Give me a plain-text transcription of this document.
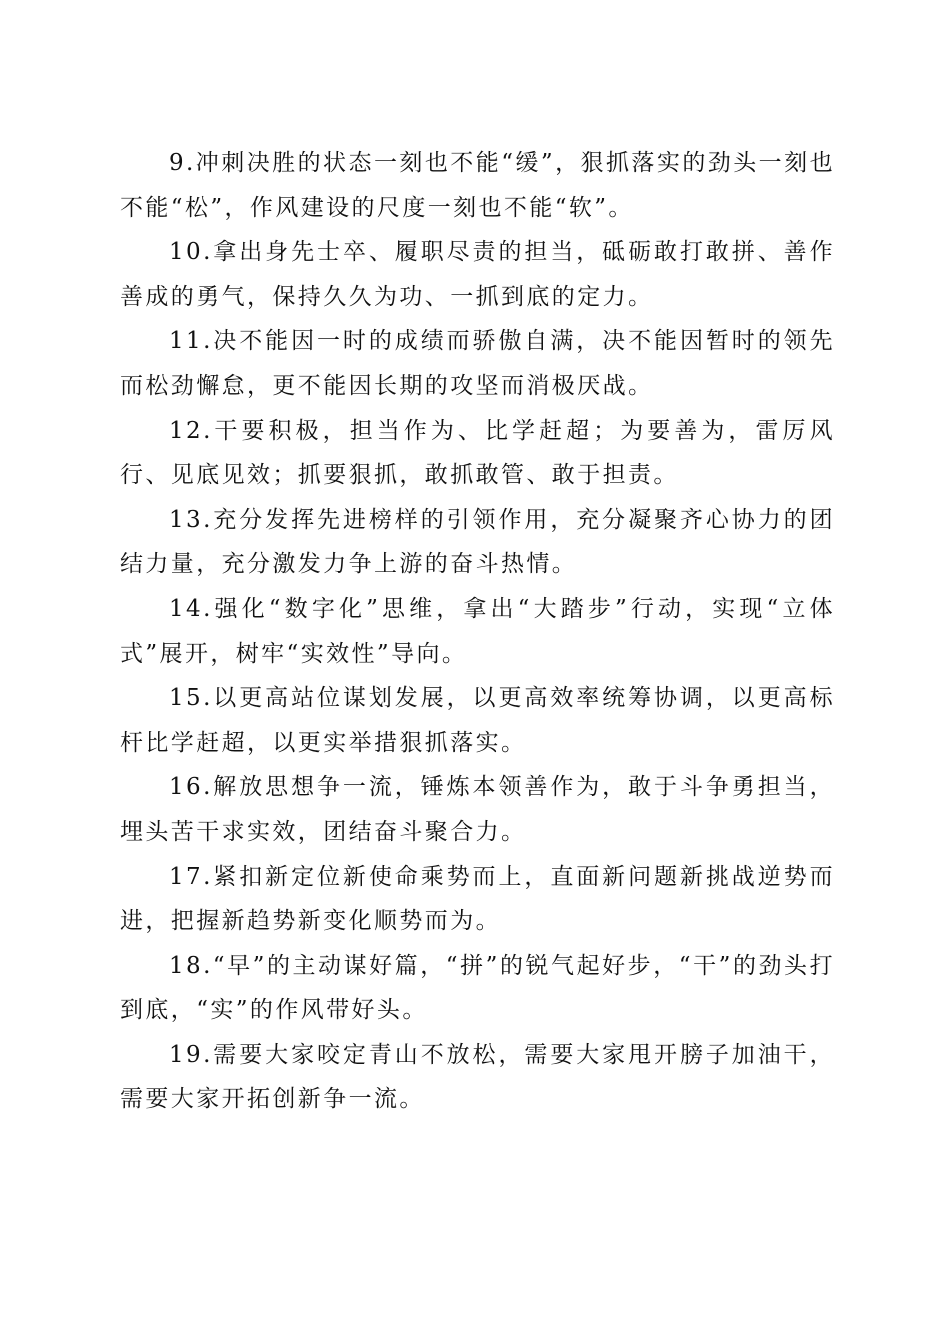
9.冲刺决胜的状态一刻也不能“缓”，狠抓落实的劲头一刻也不能“松”，作风建设的尺度一刻也不能“软”。

10.拿出身先士卒、履职尽责的担当，砥砺敢打敢拼、善作善成的勇气，保持久久为功、一抓到底的定力。

11.决不能因一时的成绩而骄傲自满，决不能因暂时的领先而松劲懈怠，更不能因长期的攻坚而消极厌战。

12.干要积极，担当作为、比学赶超；为要善为，雷厉风行、见底见效；抓要狠抓，敢抓敢管、敢于担责。

13.充分发挥先进榜样的引领作用，充分凝聚齐心协力的团结力量，充分激发力争上游的奋斗热情。

14.强化“数字化”思维，拿出“大踏步”行动，实现“立体式”展开，树牢“实效性”导向。

15.以更高站位谋划发展，以更高效率统筹协调，以更高标杆比学赶超，以更实举措狠抓落实。

16.解放思想争一流，锤炼本领善作为，敢于斗争勇担当，埋头苦干求实效，团结奋斗聚合力。

17.紧扣新定位新使命乘势而上，直面新问题新挑战逆势而进，把握新趋势新变化顺势而为。

18.“早”的主动谋好篇，“拼”的锐气起好步，“干”的劲头打到底，“实”的作风带好头。

19.需要大家咬定青山不放松，需要大家甩开膀子加油干，需要大家开拓创新争一流。
